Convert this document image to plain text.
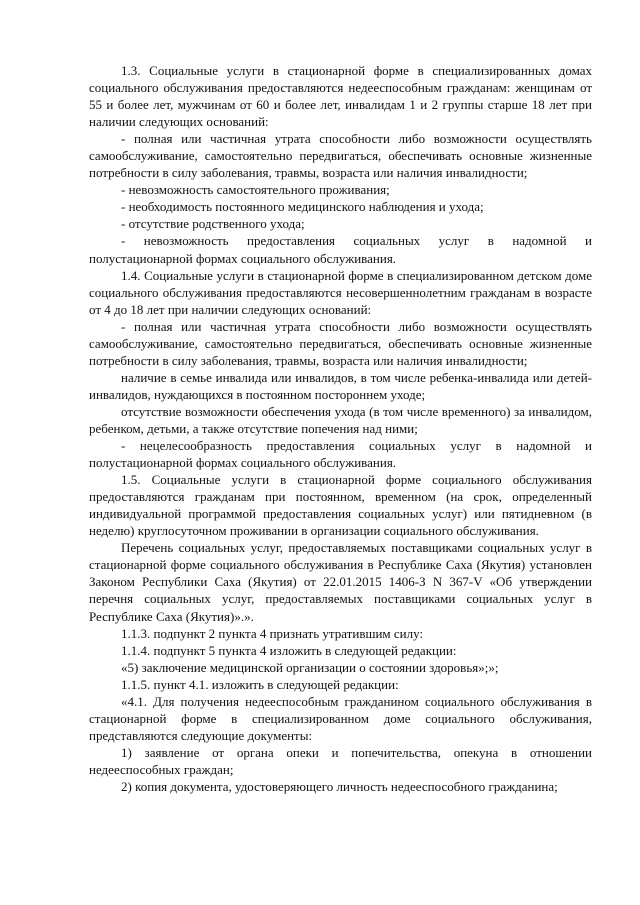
1.3. Социальные услуги в стационарной форме в специализированных домах социального обслуживания предоставляются недееспособным гражданам: женщинам от 55 и более лет, мужчинам от 60 и более лет, инвалидам 1 и 2 группы старше 18 лет при наличии следующих оснований:

- полная или частичная утрата способности либо возможности осуществлять самообслуживание, самостоятельно передвигаться, обеспечивать основные жизненные потребности в силу заболевания, травмы, возраста или наличия инвалидности;

- невозможность самостоятельного проживания;

- необходимость постоянного медицинского наблюдения и ухода;

- отсутствие родственного ухода;

- невозможность предоставления социальных услуг в надомной и полустационарной формах социального обслуживания.

1.4. Социальные услуги в стационарной форме в специализированном детском доме социального обслуживания предоставляются несовершеннолетним гражданам в возрасте от 4 до 18 лет при наличии следующих оснований:

- полная или частичная утрата способности либо возможности осуществлять самообслуживание, самостоятельно передвигаться, обеспечивать основные жизненные потребности в силу заболевания, травмы, возраста или наличия инвалидности;

наличие в семье инвалида или инвалидов, в том числе ребенка-инвалида или детей-инвалидов, нуждающихся в постоянном постороннем уходе;

отсутствие возможности обеспечения ухода (в том числе временного) за инвалидом, ребенком, детьми, а также отсутствие попечения над ними;

- нецелесообразность предоставления социальных услуг в надомной и полустационарной формах социального обслуживания.

1.5. Социальные услуги в стационарной форме социального обслуживания предоставляются гражданам при постоянном, временном (на срок, определенный индивидуальной программой предоставления социальных услуг) или пятидневном (в неделю) круглосуточном проживании в организации социального обслуживания.

Перечень социальных услуг, предоставляемых поставщиками социальных услуг в стационарной форме социального обслуживания в Республике Саха (Якутия) установлен Законом Республики Саха (Якутия) от 22.01.2015 1406-З N 367-V «Об утверждении перечня социальных услуг, предоставляемых поставщиками социальных услуг в Республике Саха (Якутия)».».

1.1.3. подпункт 2 пункта 4 признать утратившим силу:

1.1.4. подпункт 5 пункта 4 изложить в следующей редакции:

«5) заключение медицинской организации о состоянии здоровья»;»;

1.1.5. пункт 4.1. изложить в следующей редакции:

«4.1. Для получения недееспособным гражданином социального обслуживания в стационарной форме в специализированном доме социального обслуживания, представляются следующие документы:

1) заявление от органа опеки и попечительства, опекуна в отношении недееспособных граждан;

2) копия документа, удостоверяющего личность недееспособного гражданина;
